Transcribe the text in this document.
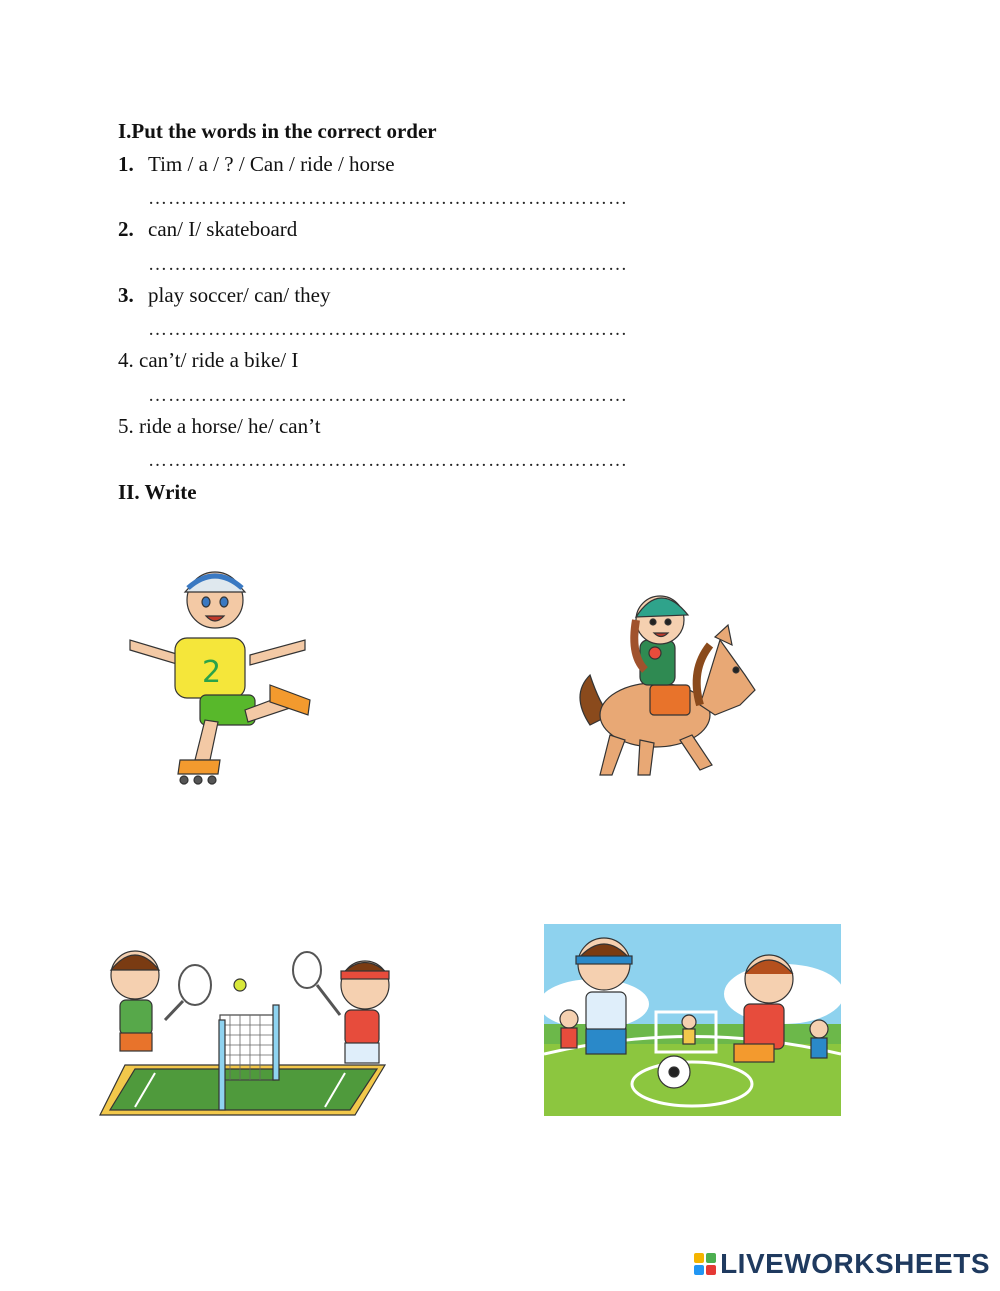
I.Put the words in the correct order
1. Tim / a / ? / Can / ride / horse
………………………………………………………………
2. can/ I/ skateboard
………………………………………………………………
3. play soccer/ can/ they
………………………………………………………………
4. can’t/ ride a bike/ I
………………………………………………………………
5. ride a horse/ he/ can’t
………………………………………………………………
II. Write
2
LIVEWORKSHEETS
